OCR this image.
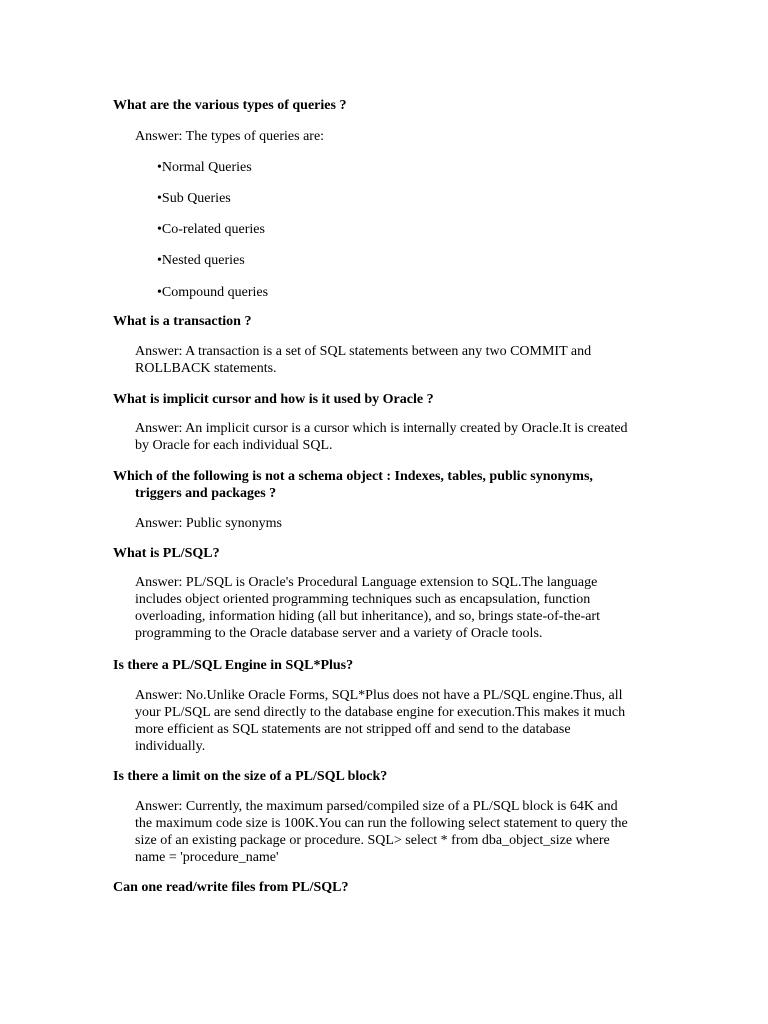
What are the various types of queries ?
Answer: The types of queries are:
•Normal Queries
•Sub Queries
•Co-related queries
•Nested queries
•Compound queries
What is a transaction ?
Answer: A transaction is a set of SQL statements between any two COMMIT and
ROLLBACK statements.
What is implicit cursor and how is it used by Oracle ?
Answer: An implicit cursor is a cursor which is internally created by Oracle.It is created
by Oracle for each individual SQL.
Which of the following is not a schema object : Indexes, tables, public synonyms,
triggers and packages ?
Answer: Public synonyms
What is PL/SQL?
Answer: PL/SQL is Oracle's Procedural Language extension to SQL.The language
includes object oriented programming techniques such as encapsulation, function
overloading, information hiding (all but inheritance), and so, brings state-of-the-art
programming to the Oracle database server and a variety of Oracle tools.
Is there a PL/SQL Engine in SQL*Plus?
Answer: No.Unlike Oracle Forms, SQL*Plus does not have a PL/SQL engine.Thus, all
your PL/SQL are send directly to the database engine for execution.This makes it much
more efficient as SQL statements are not stripped off and send to the database
individually.
Is there a limit on the size of a PL/SQL block?
Answer: Currently, the maximum parsed/compiled size of a PL/SQL block is 64K and
the maximum code size is 100K.You can run the following select statement to query the
size of an existing package or procedure. SQL> select * from dba_object_size where
name = 'procedure_name'
Can one read/write files from PL/SQL?
